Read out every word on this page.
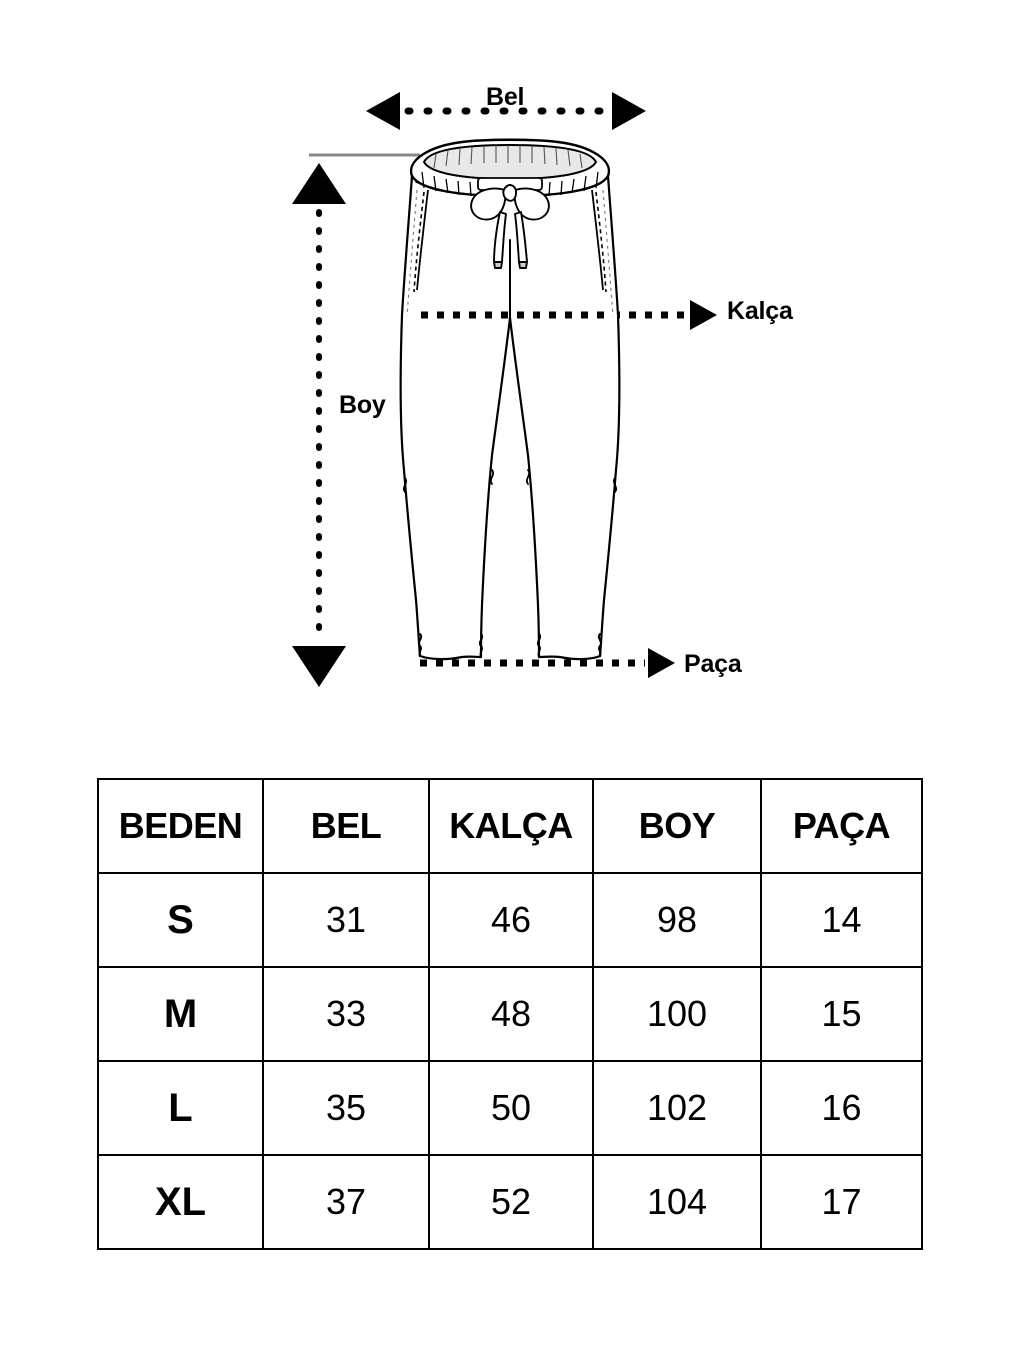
Bel
Kalça
Boy
Paça
BEDEN	BEL	KALÇA	BOY	PAÇA
S	31	46	98	14
M	33	48	100	15
L	35	50	102	16
XL	37	52	104	17
